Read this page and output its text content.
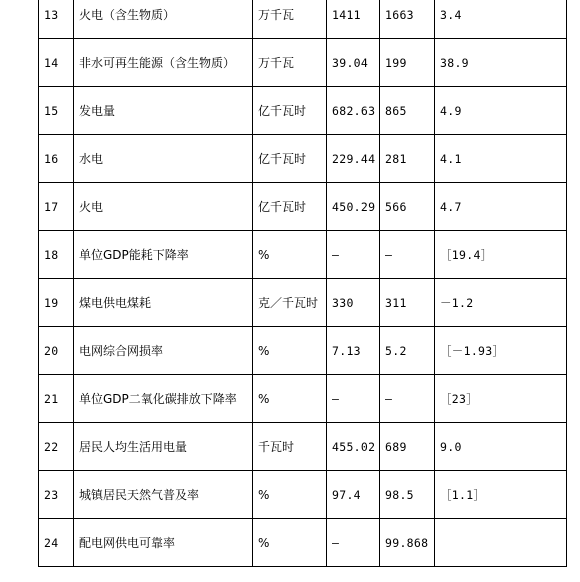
13	火电（含生物质）	万千瓦	1411	1663	3.4
14	非水可再生能源（含生物质）	万千瓦	39.04	199	38.9
15	发电量	亿千瓦时	682.63	865	4.9
16	水电	亿千瓦时	229.44	281	4.1
17	火电	亿千瓦时	450.29	566	4.7
18	单位GDP能耗下降率	%	—	—	［19.4］
19	煤电供电煤耗	克／千瓦时	330	311	－1.2
20	电网综合网损率	%	7.13	5.2	［－1.93］
21	单位GDP二氧化碳排放下降率	%	—	—	［23］
22	居民人均生活用电量	千瓦时	455.02	689	9.0
23	城镇居民天然气普及率	%	97.4	98.5	［1.1］
24	配电网供电可靠率	%	—	99.868	
